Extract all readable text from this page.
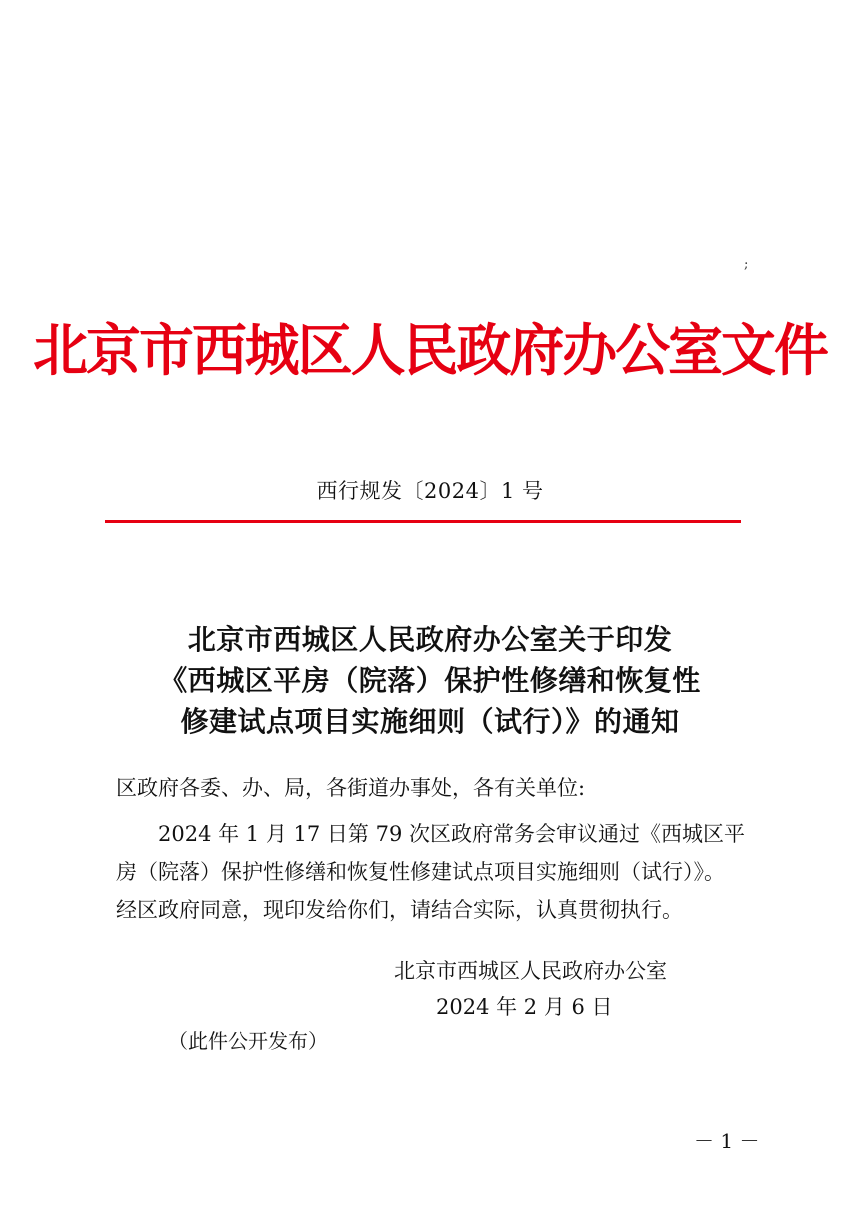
;
北京市西城区人民政府办公室文件
西行规发〔2024〕1 号
北京市西城区人民政府办公室关于印发
《西城区平房（院落）保护性修缮和恢复性
修建试点项目实施细则（试行）》的通知
区政府各委、办、局，各街道办事处，各有关单位:
2024 年 1 月 17 日第 79 次区政府常务会审议通过《西城区平
房（院落）保护性修缮和恢复性修建试点项目实施细则（试行）》。
经区政府同意，现印发给你们，请结合实际，认真贯彻执行。
北京市西城区人民政府办公室
2024 年 2 月 6 日
（此件公开发布）
－ 1 －
